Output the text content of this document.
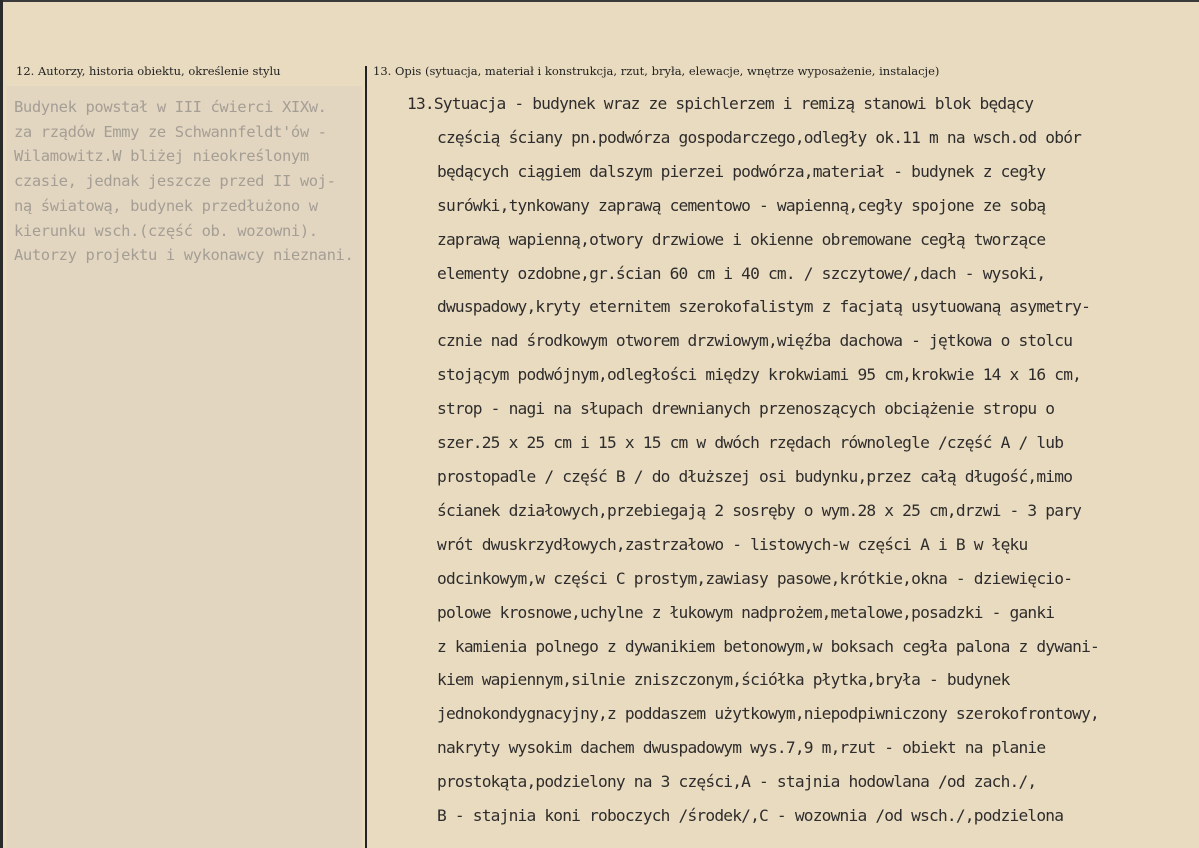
12. Autorzy, historia obiektu, określenie stylu	13. Opis (sytuacja, materiał i konstrukcja, rzut, bryła, elewacje, wnętrze wyposażenie, instalacje)
Budynek powstał w III ćwierci XIXw.
za rządów Emmy ze Schwannfeldt'ów -
Wilamowitz.W bliżej nieokreślonym
czasie, jednak jeszcze przed II woj-
ną światową, budynek przedłużono w
kierunku wsch.(część ob. wozowni).
Autorzy projektu i wykonawcy nieznani.
13.Sytuacja - budynek wraz ze spichlerzem i remizą stanowi blok będący
częścią ściany pn.podwórza gospodarczego,odległy ok.11 m na wsch.od obór
będących ciągiem dalszym pierzei podwórza,materiał - budynek z cegły
surówki,tynkowany zaprawą cementowo - wapienną,cegły spojone ze sobą
zaprawą wapienną,otwory drzwiowe i okienne obremowane cegłą tworzące
elementy ozdobne,gr.ścian 60 cm i 40 cm. / szczytowe/,dach - wysoki,
dwuspadowy,kryty eternitem szerokofalistym z facjatą usytuowaną asymetry-
cznie nad środkowym otworem drzwiowym,więźba dachowa - jętkowa o stolcu
stojącym podwójnym,odległości między krokwiami 95 cm,krokwie 14 x 16 cm,
strop - nagi na słupach drewnianych przenoszących obciążenie stropu o
szer.25 x 25 cm i 15 x 15 cm w dwóch rzędach równolegle /część A / lub
prostopadle / część B / do dłuższej osi budynku,przez całą długość,mimo
ścianek działowych,przebiegają 2 sosręby o wym.28 x 25 cm,drzwi - 3 pary
wrót dwuskrzydłowych,zastrzałowo - listowych-w części A i B w łęku
odcinkowym,w części C prostym,zawiasy pasowe,krótkie,okna - dziewięcio-
polowe krosnowe,uchylne z łukowym nadprożem,metalowe,posadzki - ganki
z kamienia polnego z dywanikiem betonowym,w boksach cegła palona z dywani-
kiem wapiennym,silnie zniszczonym,ściółka płytka,bryła - budynek
jednokondygnacyjny,z poddaszem użytkowym,niepodpiwniczony szerokofrontowy,
nakryty wysokim dachem dwuspadowym wys.7,9 m,rzut - obiekt na planie
prostokąta,podzielony na 3 części,A - stajnia hodowlana /od zach./,
B - stajnia koni roboczych /środek/,C - wozownia /od wsch./,podzielona
